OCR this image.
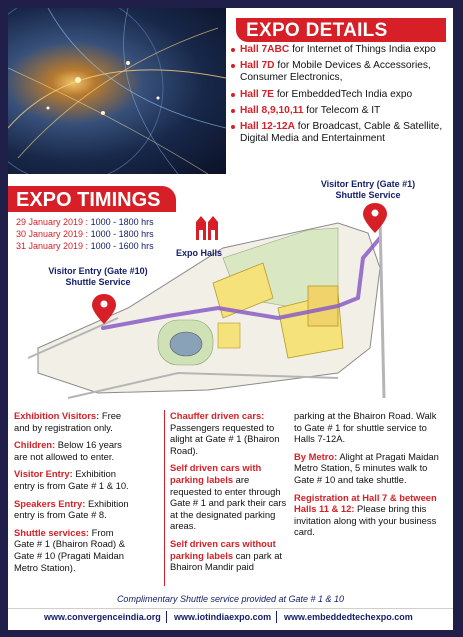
EXPO DETAILS
Hall 7ABC for Internet of Things India expo
Hall 7D for Mobile Devices & Accessories, Consumer Electronics,
Hall 7E for EmbeddedTech India expo
Hall 8,9,10,11 for Telecom & IT
Hall 12-12A for Broadcast, Cable & Satellite, Digital Media and Entertainment
EXPO TIMINGS
29 January 2019 : 1000 - 1800 hrs
30 January 2019 : 1000 - 1800 hrs
31 January 2019 : 1000 - 1600 hrs
Visitor Entry (Gate #1)
Shuttle Service
Visitor Entry (Gate #10)
Shuttle Service
Expo Halls

Exhibition Visitors: Free and by registration only.

Children: Below 16 years are not allowed to enter.

Visitor Entry: Exhibition entry is from Gate # 1 & 10.

Speakers Entry: Exhibition entry is from Gate # 8.

Shuttle services: From Gate # 1 (Bhairon Road) & Gate # 10 (Pragati Maidan Metro Station).

Chauffer driven cars: Passengers requested to alight at Gate # 1 (Bhairon Road).

Self driven cars with parking labels are requested to enter through Gate # 1 and park their cars at the designated parking areas.

Self driven cars without parking labels can park at Bhairon Mandir paid

parking at the Bhairon Road. Walk to Gate # 1 for shuttle service to Halls 7-12A.

By Metro: Alight at Pragati Maidan Metro Station, 5 minutes walk to Gate # 10 and take shuttle.

Registration at Hall 7 & between Halls 11 & 12: Please bring this invitation along with your business card.

Complimentary Shuttle service provided at Gate # 1 & 10
www.convergenceindia.org www.iotindiaexpo.com www.embeddedtechexpo.com
